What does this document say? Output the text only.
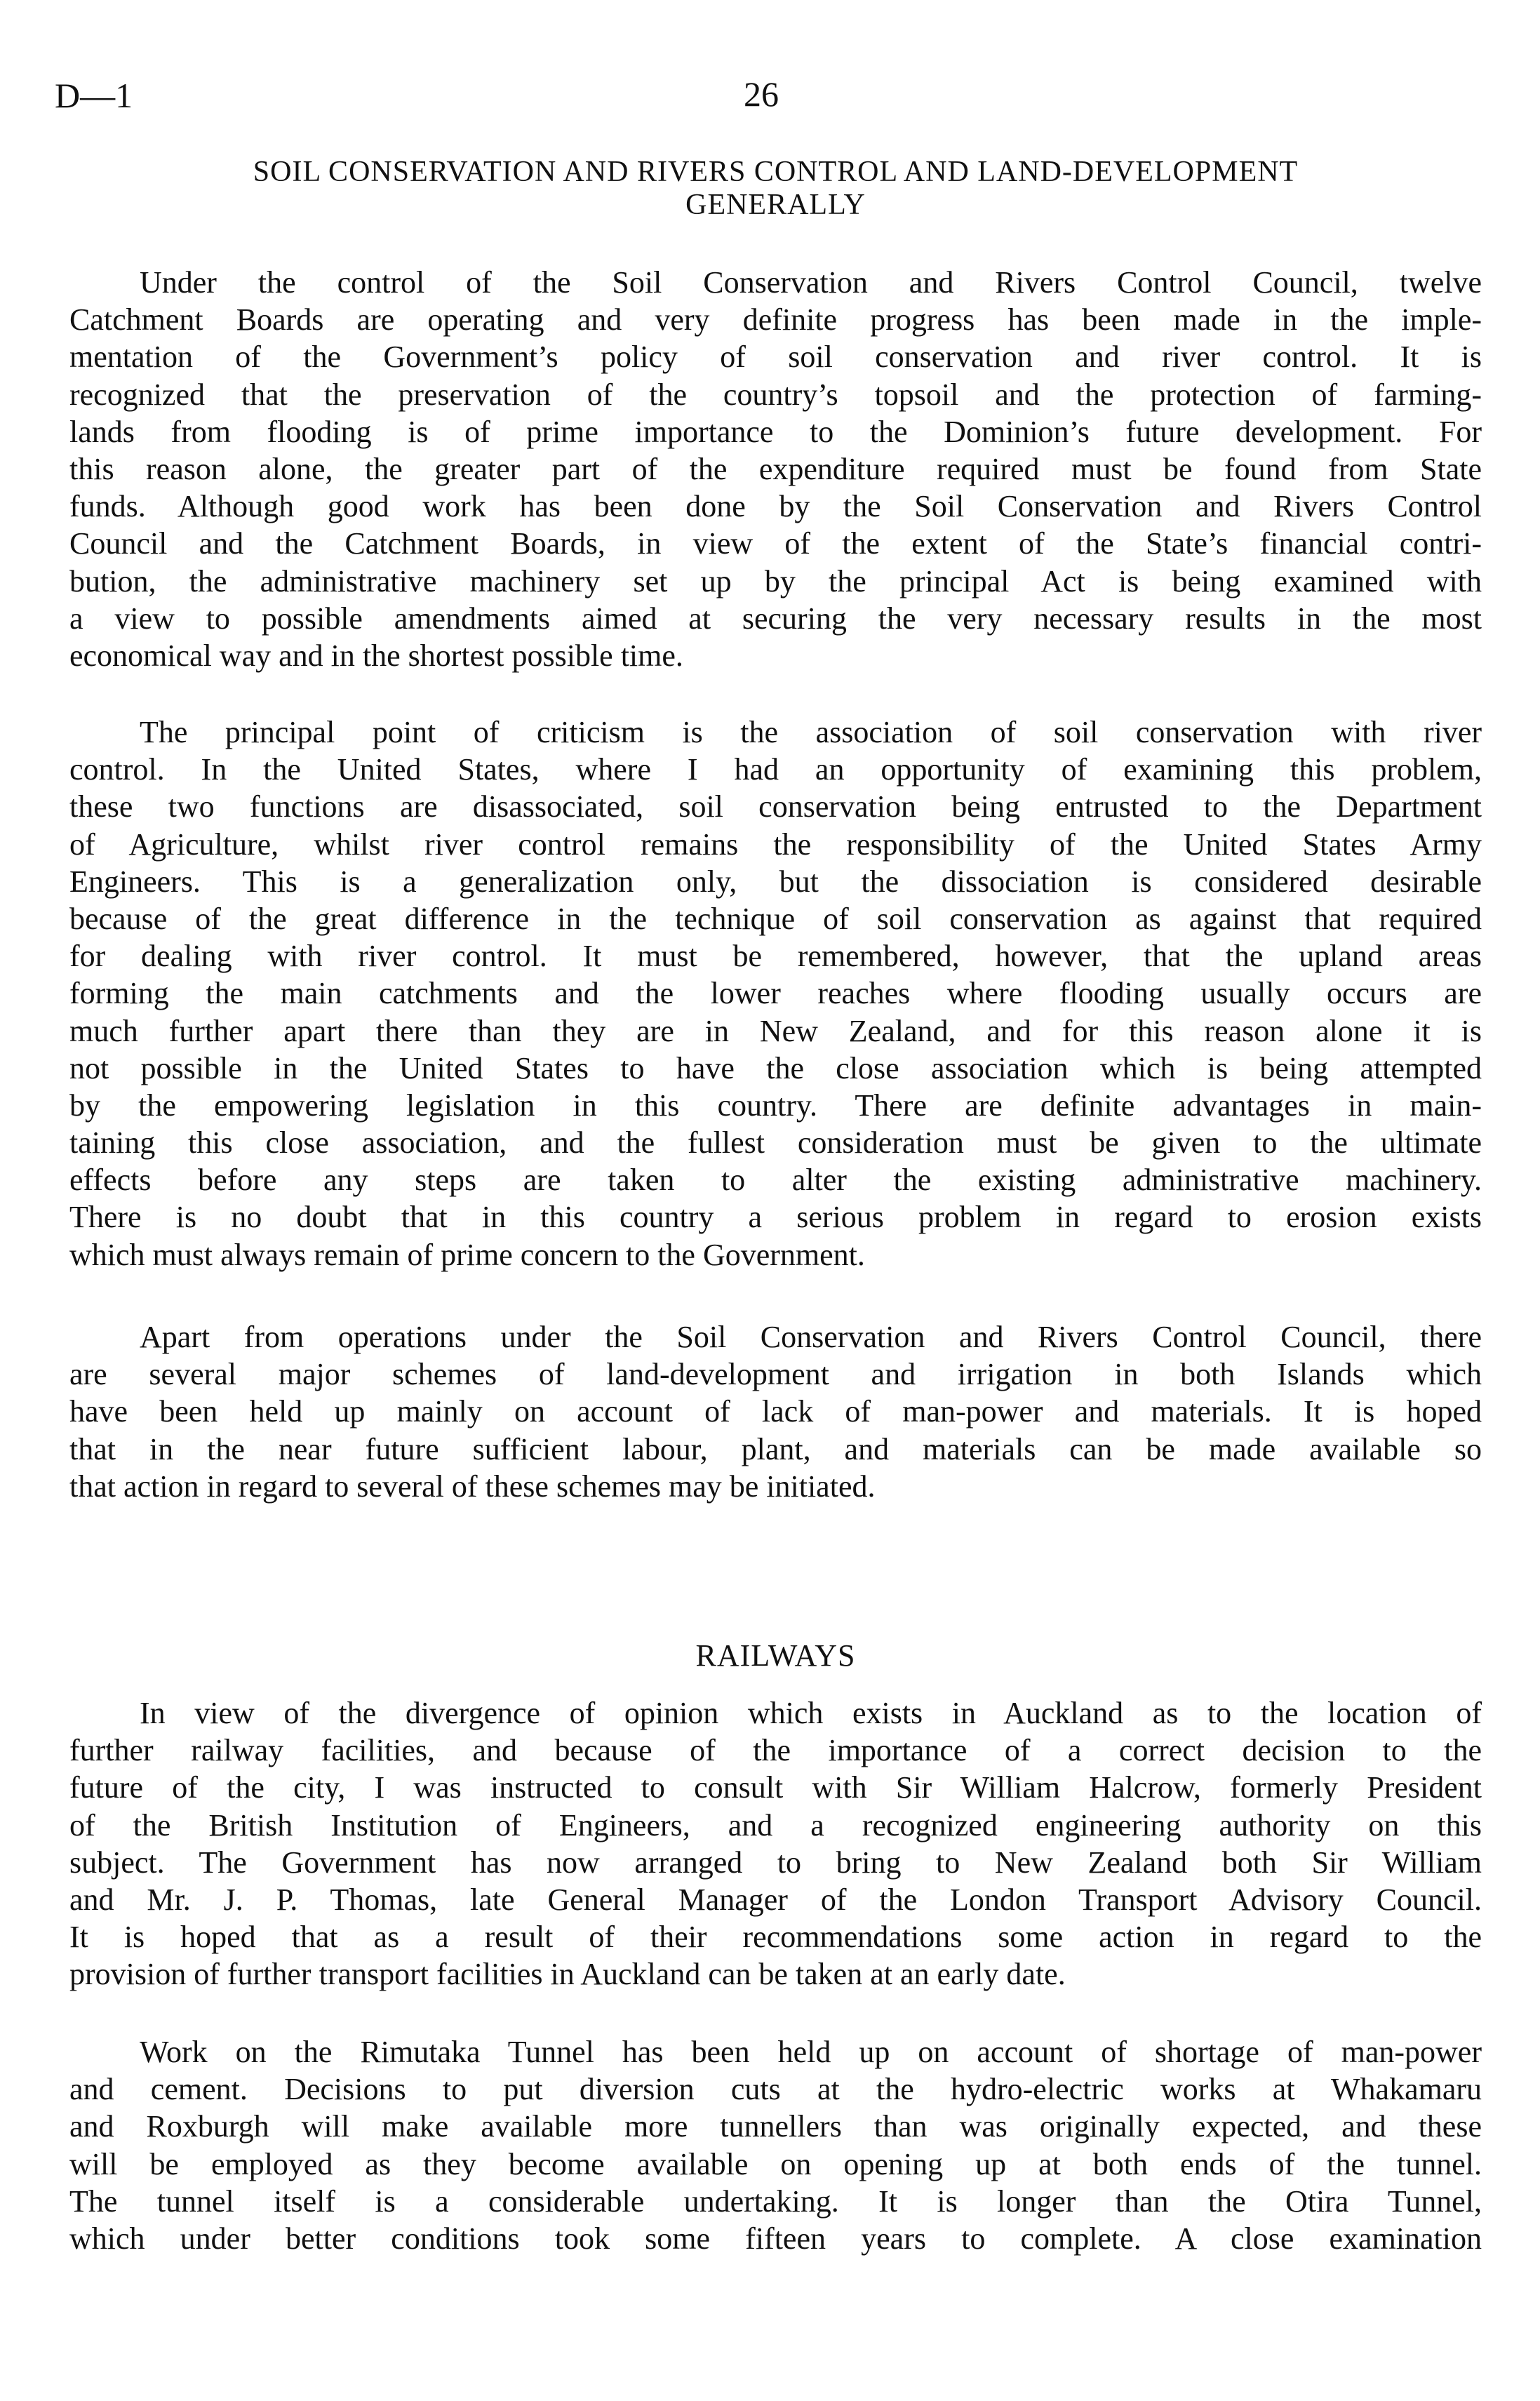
D—1	26
SOIL CONSERVATION AND RIVERS CONTROL AND LAND-DEVELOPMENT
GENERALLY
Under the control of the Soil Conservation and Rivers Control Council, twelve
Catchment Boards are operating and very definite progress has been made in the imple-
mentation of the Government’s policy of soil conservation and river control. It is
recognized that the preservation of the country’s topsoil and the protection of farming-
lands from flooding is of prime importance to the Dominion’s future development. For
this reason alone, the greater part of the expenditure required must be found from State
funds. Although good work has been done by the Soil Conservation and Rivers Control
Council and the Catchment Boards, in view of the extent of the State’s financial contri-
bution, the administrative machinery set up by the principal Act is being examined with
a view to possible amendments aimed at securing the very necessary results in the most
economical way and in the shortest possible time.
The principal point of criticism is the association of soil conservation with river
control. In the United States, where I had an opportunity of examining this problem,
these two functions are disassociated, soil conservation being entrusted to the Department
of Agriculture, whilst river control remains the responsibility of the United States Army
Engineers. This is a generalization only, but the dissociation is considered desirable
because of the great difference in the technique of soil conservation as against that required
for dealing with river control. It must be remembered, however, that the upland areas
forming the main catchments and the lower reaches where flooding usually occurs are
much further apart there than they are in New Zealand, and for this reason alone it is
not possible in the United States to have the close association which is being attempted
by the empowering legislation in this country. There are definite advantages in main-
taining this close association, and the fullest consideration must be given to the ultimate
effects before any steps are taken to alter the existing administrative machinery.
There is no doubt that in this country a serious problem in regard to erosion exists
which must always remain of prime concern to the Government.
Apart from operations under the Soil Conservation and Rivers Control Council, there
are several major schemes of land-development and irrigation in both Islands which
have been held up mainly on account of lack of man-power and materials. It is hoped
that in the near future sufficient labour, plant, and materials can be made available so
that action in regard to several of these schemes may be initiated.
RAILWAYS
In view of the divergence of opinion which exists in Auckland as to the location of
further railway facilities, and because of the importance of a correct decision to the
future of the city, I was instructed to consult with Sir William Halcrow, formerly President
of the British Institution of Engineers, and a recognized engineering authority on this
subject. The Government has now arranged to bring to New Zealand both Sir William
and Mr. J. P. Thomas, late General Manager of the London Transport Advisory Council.
It is hoped that as a result of their recommendations some action in regard to the
provision of further transport facilities in Auckland can be taken at an early date.
Work on the Rimutaka Tunnel has been held up on account of shortage of man-power
and cement. Decisions to put diversion cuts at the hydro-electric works at Whakamaru
and Roxburgh will make available more tunnellers than was originally expected, and these
will be employed as they become available on opening up at both ends of the tunnel.
The tunnel itself is a considerable undertaking. It is longer than the Otira Tunnel,
which under better conditions took some fifteen years to complete. A close examination
